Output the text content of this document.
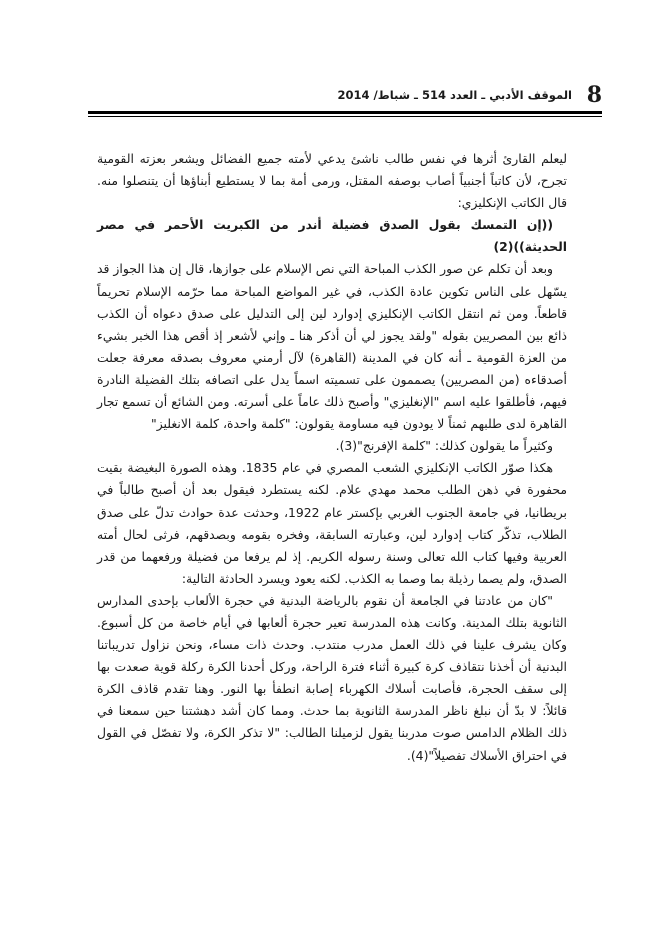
8
الموقف الأدبي ـ العدد 514 ـ شباط/ 2014

ليعلم القارئ أثرها في نفس طالب ناشئ يدعي لأمته جميع الفضائل ويشعر بعزته القومية تجرح، لأن كاتباً أجنبياً أصاب بوصفه المقتل، ورمى أمة بما لا يستطيع أبناؤها أن يتنصلوا منه. قال الكاتب الإنكليزي:

((إن التمسك بقول الصدق فضيلة أندر من الكبريت الأحمر في مصر الحديثة))(2)

وبعد أن تكلم عن صور الكذب المباحة التي نص الإسلام على جوازها، قال إن هذا الجواز قد يسّهل على الناس تكوين عادة الكذب، في غير المواضع المباحة مما حرّمه الإسلام تحريماً قاطعاً. ومن ثم انتقل الكاتب الإنكليزي إدوارد لين إلى التدليل على صدق دعواه أن الكذب ذائع بين المصريين بقوله "ولقد يجوز لي أن أذكر هنا ـ وإني لأشعر إذ أقص هذا الخبر بشيء من العزة القومية ـ أنه كان في المدينة (القاهرة) لآل أرمني معروف بصدقه معرفة جعلت أصدقاءه (من المصريين) يصممون على تسميته اسماً يدل على اتصافه بتلك الفضيلة النادرة فيهم، فأطلقوا عليه اسم "الإنغليزي" وأصبح ذلك عاماً على أسرته. ومن الشائع أن تسمع تجار القاهرة لدى طلبهم ثمناً لا يودون فيه مساومة يقولون: "كلمة واحدة، كلمة الانغليز"

وكثيراً ما يقولون كذلك: "كلمة الإفرنج"(3).

هكذا صوّر الكاتب الإنكليزي الشعب المصري في عام 1835. وهذه الصورة البغيضة بقيت محفورة في ذهن الطلب محمد مهدي علام. لكنه يستطرد فيقول بعد أن أصبح طالباً في بريطانيا، في جامعة الجنوب الغربي بإكستر عام 1922، وحدثت عدة حوادث تدلّ على صدق الطلاب، تذكّر كتاب إدوارد لين، وعبارته السابقة، وفخره بقومه وبصدقهم، فرثى لحال أمته العربية وفيها كتاب الله تعالى وسنة رسوله الكريم. إذ لم يرفعا من فضيلة ورفعهما من قدر الصدق، ولم يصما رذيلة بما وصما به الكذب. لكنه يعود ويسرد الحادثة التالية:

"كان من عادتنا في الجامعة أن نقوم بالرياضة البدنية في حجرة الألعاب بإحدى المدارس الثانوية بتلك المدينة. وكانت هذه المدرسة تعير حجرة ألعابها في أيام خاصة من كل أسبوع. وكان يشرف علينا في ذلك العمل مدرب منتدب. وحدث ذات مساء، ونحن نزاول تدريباتنا البدنية أن أخذنا نتقاذف كرة كبيرة أثناء فترة الراحة، وركل أحدنا الكرة ركلة قوية صعدت بها إلى سقف الحجرة، فأصابت أسلاك الكهرباء إصابة انطفأ بها النور. وهنا تقدم قاذف الكرة قائلاً: لا بدّ أن نبلغ ناظر المدرسة الثانوية بما حدث. ومما كان أشد دهشتنا حين سمعنا في ذلك الظلام الدامس صوت مدربنا يقول لزميلنا الطالب: "لا تذكر الكرة، ولا تفصّل في القول في احتراق الأسلاك تفصيلاً"(4).
